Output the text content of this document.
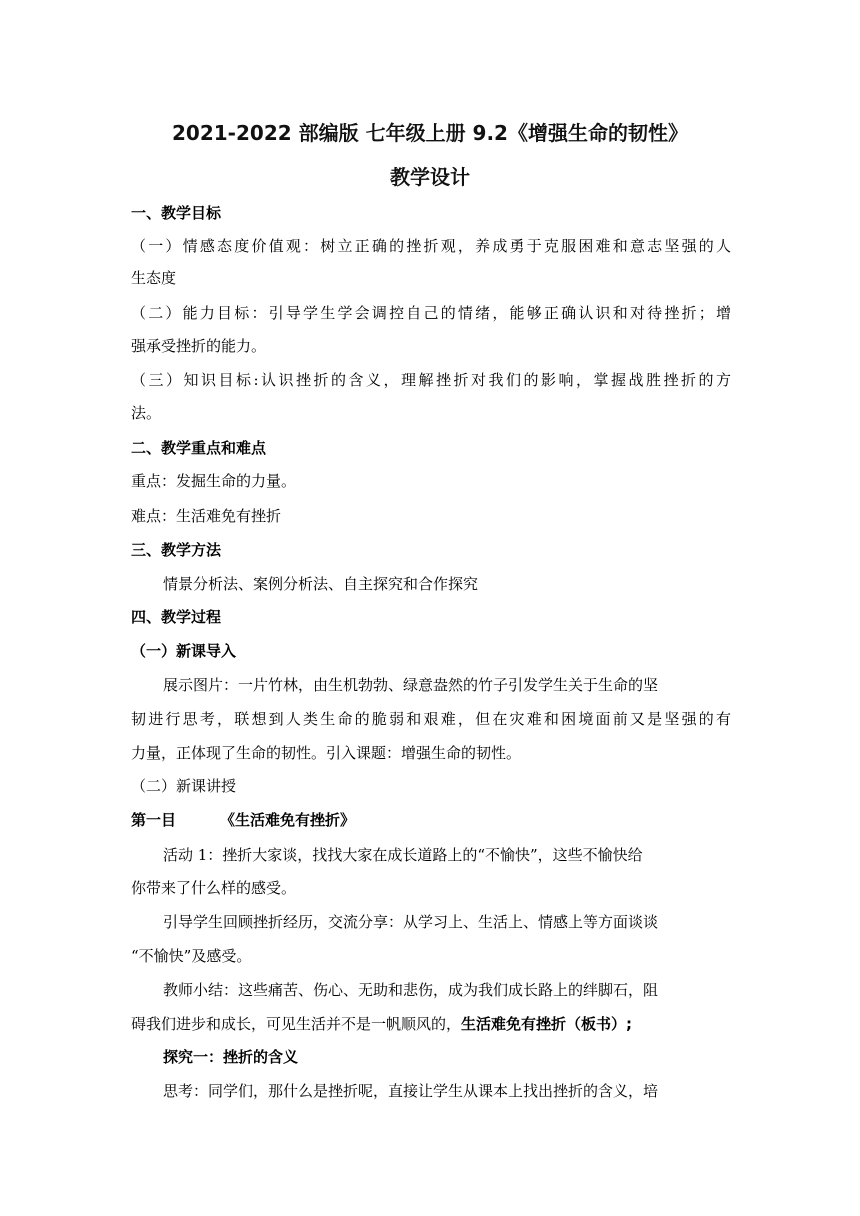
2021-2022 部编版 七年级上册 9.2《增强生命的韧性》
教学设计
一、教学目标
（一）情感态度价值观：树立正确的挫折观，养成勇于克服困难和意志坚强的人
生态度
（二）能力目标：引导学生学会调控自己的情绪，能够正确认识和对待挫折；增
强承受挫折的能力。
（三）知识目标:认识挫折的含义，理解挫折对我们的影响，掌握战胜挫折的方
法。
二、教学重点和难点
重点：发掘生命的力量。
难点：生活难免有挫折
三、教学方法
情景分析法、案例分析法、自主探究和合作探究
四、教学过程
（一）新课导入
展示图片：一片竹林，由生机勃勃、绿意盎然的竹子引发学生关于生命的坚
韧进行思考，联想到人类生命的脆弱和艰难，但在灾难和困境面前又是坚强的有
力量，正体现了生命的韧性。引入课题：增强生命的韧性。
（二）新课讲授
第一目	《生活难免有挫折》
活动 1：挫折大家谈，找找大家在成长道路上的“不愉快”，这些不愉快给
你带来了什么样的感受。
引导学生回顾挫折经历，交流分享：从学习上、生活上、情感上等方面谈谈
“不愉快”及感受。
教师小结：这些痛苦、伤心、无助和悲伤，成为我们成长路上的绊脚石，阻
碍我们进步和成长，可见生活并不是一帆顺风的，生活难免有挫折（板书）;
探究一：挫折的含义
思考：同学们，那什么是挫折呢，直接让学生从课本上找出挫折的含义，培
